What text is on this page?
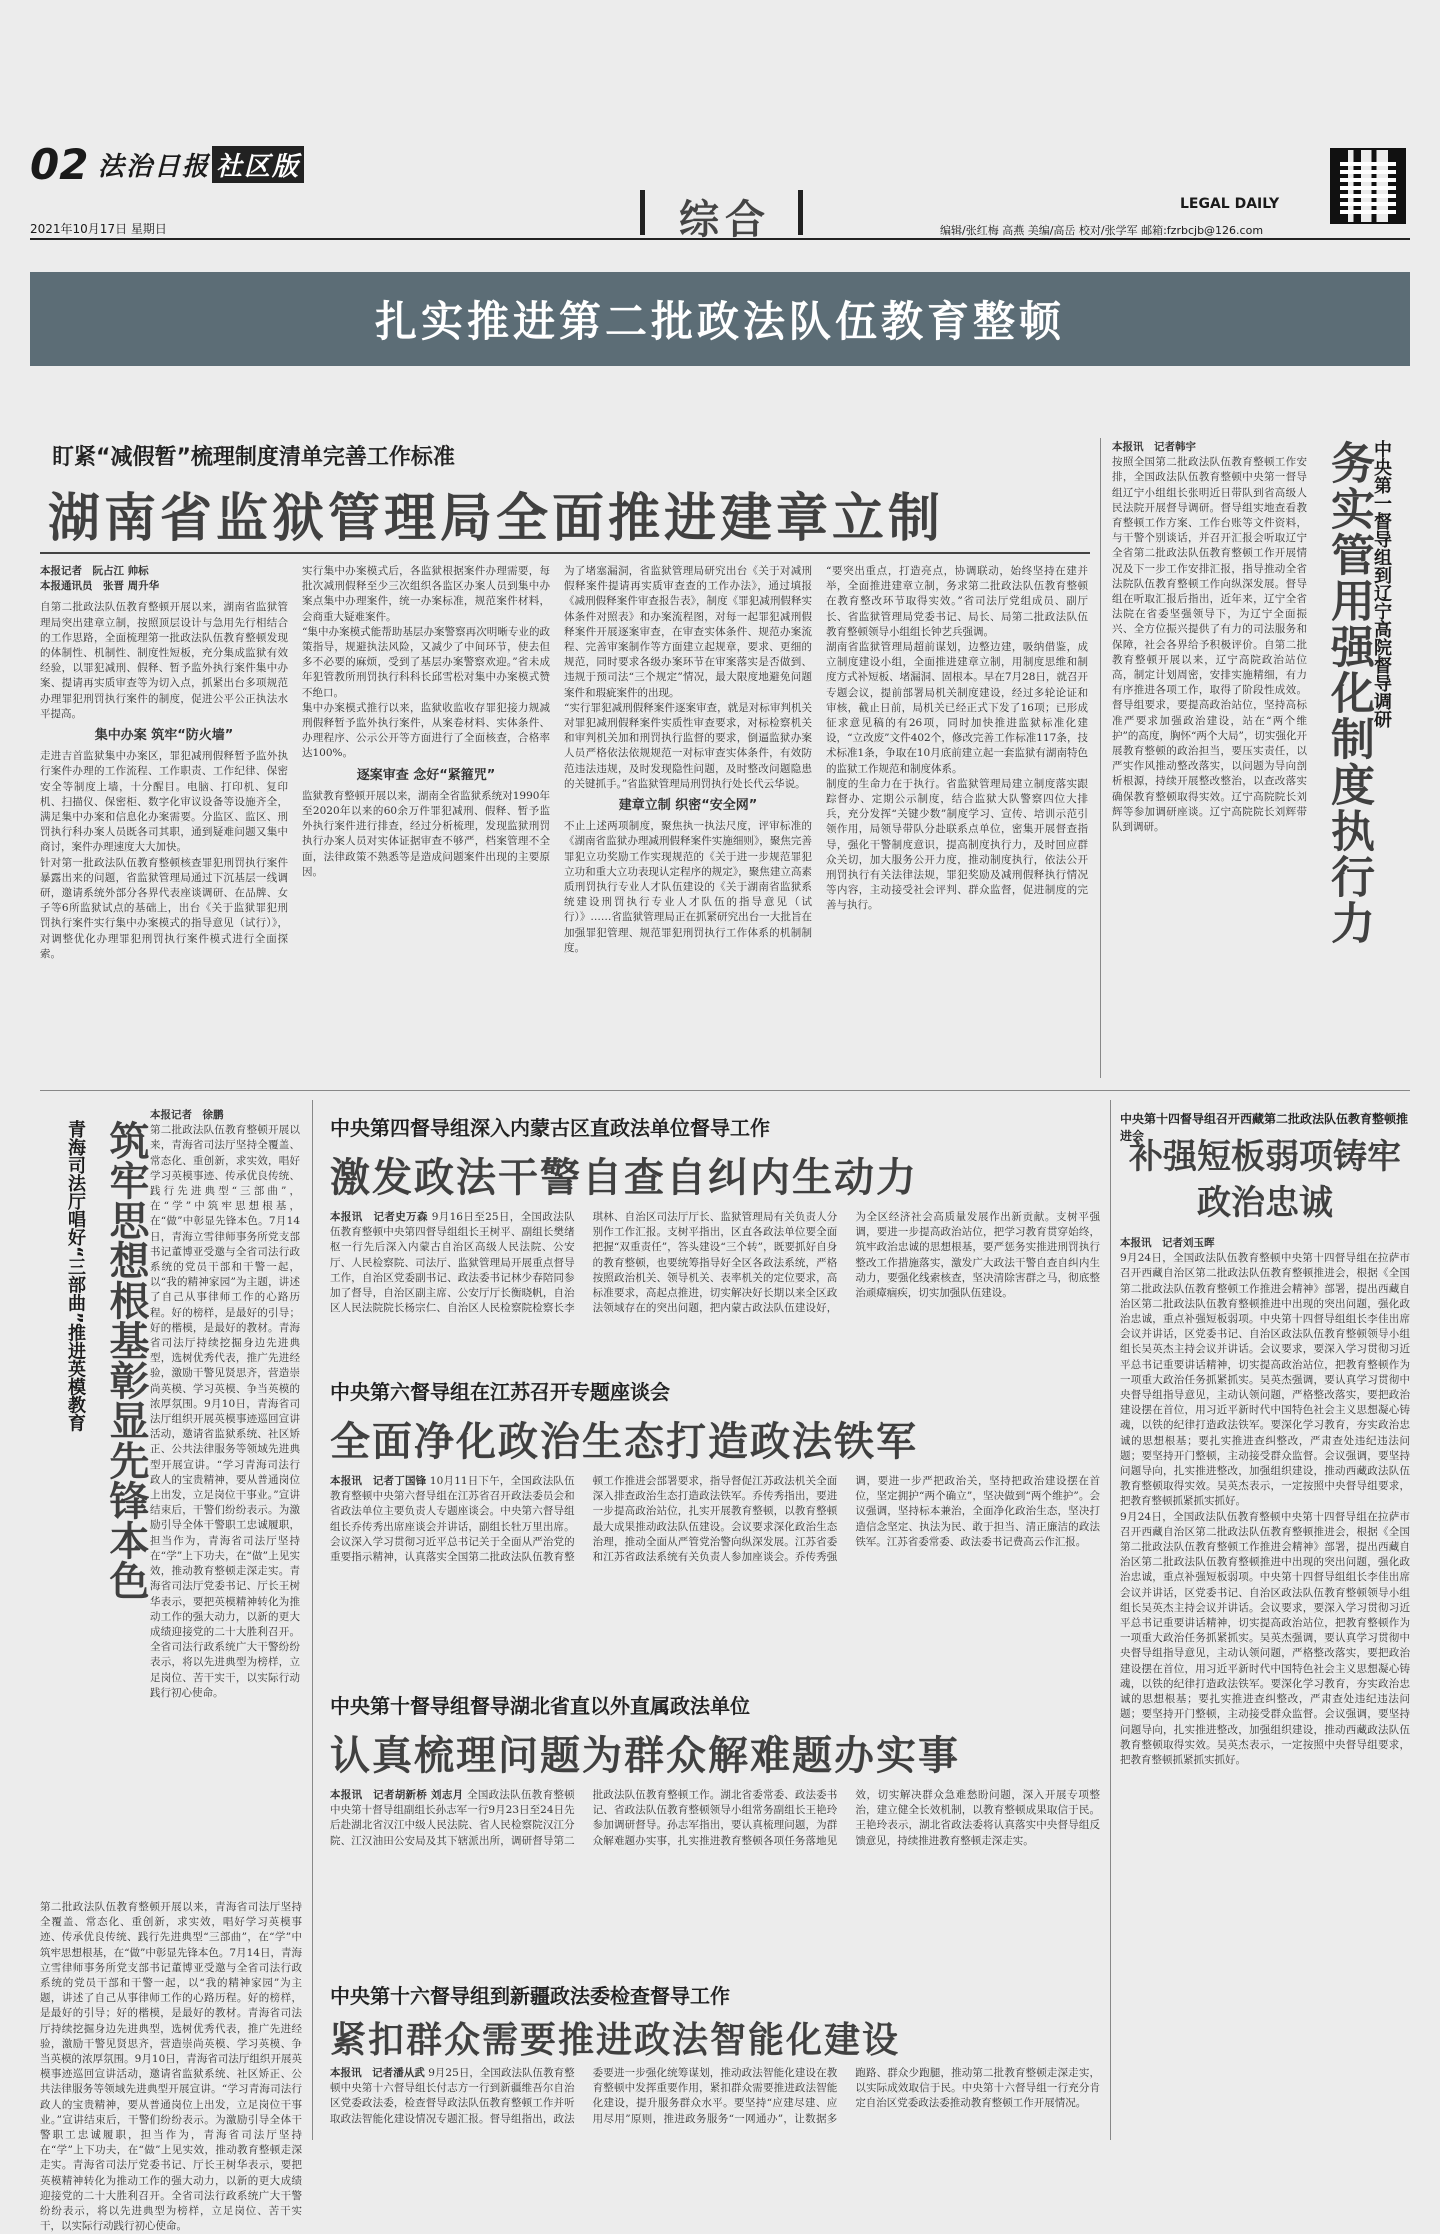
02 法治日报 社区版
2021年10月17日 星期日	综合	LEGAL DAILY
编辑/张红梅 高燕 美编/高岳 校对/张学军 邮箱:fzrbcjb@126.com
扎实推进第二批政法队伍教育整顿
盯紧“减假暂”梳理制度清单完善工作标准
湖南省监狱管理局全面推进建章立制
本报记者　阮占江 帅标
本报通讯员　张晋 周升华

自第二批政法队伍教育整顿开展以来，湖南省监狱管理局突出建章立制，按照顶层设计与急用先行相结合的工作思路，全面梳理第一批政法队伍教育整顿发现的体制性、机制性、制度性短板，充分集成监狱有效经验，以罪犯减刑、假释、暂予监外执行案件集中办案、提请再实质审查等为切入点，抓紧出台多项规范办理罪犯刑罚执行案件的制度，促进公平公正执法水平提高。

集中办案 筑牢“防火墙”

走进吉首监狱集中办案区，罪犯减刑假释暂予监外执行案件办理的工作流程、工作职责、工作纪律、保密安全等制度上墙，十分醒目。电脑、打印机、复印机、扫描仪、保密柜、数字化审议设备等设施齐全，满足集中办案和信息化办案需要。分监区、监区、刑罚执行科办案人员既各司其职，通到疑难问题又集中商讨，案件办理速度大大加快。

针对第一批政法队伍教育整顿核查罪犯刑罚执行案件暴露出来的问题，省监狱管理局通过下沉基层一线调研，邀请系统外部分各界代表座谈调研、在品牌、女子等6所监狱试点的基础上，出台《关于监狱罪犯刑罚执行案件实行集中办案模式的指导意见（试行）》，对调整优化办理罪犯刑罚执行案件模式进行全面探索。

实行集中办案模式后，各监狱根据案件办理需要，每批次减刑假释至少三次组织各监区办案人员到集中办案点集中办理案件，统一办案标准，规范案件材料，会商重大疑难案件。

“集中办案模式能帮助基层办案警察再次明晰专业的政策指导，规避执法风险，又减少了中间环节，使去但多不必要的麻烦，受到了基层办案警察欢迎。”省未成年犯管教所刑罚执行科科长邱雪松对集中办案模式赞不绝口。

集中办案模式推行以来，监狱收监收存罪犯接力规减刑假释暂予监外执行案件，从案卷材料、实体条件、办理程序、公示公开等方面进行了全面核查，合格率达100%。

逐案审查 念好“紧箍咒”

监狱教育整顿开展以来，湖南全省监狱系统对1990年至2020年以来的60余万件罪犯减刑、假释、暂予监外执行案件进行排查，经过分析梳理，发现监狱刑罚执行办案人员对实体证据审查不够严，档案管理不全面，法律政策不熟悉等是造成问题案件出现的主要原因。

为了堵塞漏洞，省监狱管理局研究出台《关于对减刑假释案件提请再实质审查查的工作办法》，通过填报《减刑假释案件审查报告表》，制度《罪犯减刑假释实体条件对照表》和办案流程图，对每一起罪犯减刑假释案件开展逐案审查，在审查实体条件、规范办案流程、完善审案制作等方面建立起规章，要求、更细的规范，同时要求各级办案环节在审案落实是否做到、违规于预司法“三个规定”情况，最大限度地避免问题案件和瑕疵案件的出现。

“实行罪犯减刑假释案件逐案审查，就是对标审判机关对罪犯减刑假释案件实质性审查要求，对标检察机关和审判机关加和刑罚执行监督的要求，倒逼监狱办案人员严格依法依规规范一对标审查实体条件，有效防范违法违规，及时发现隐性问题，及时整改问题隐患的关键抓手。”省监狱管理局刑罚执行处长代云华说。

建章立制 织密“安全网”

不止上述两项制度，聚焦执一执法尺度，评审标准的《湖南省监狱办理减刑假释案件实施细则》，聚焦完善罪犯立功奖励工作实现规范的《关于进一步规范罪犯立功和重大立功表现认定程序的规定》，聚焦建立高素质刑罚执行专业人才队伍建设的《关于湖南省监狱系统建设刑罚执行专业人才队伍的指导意见（试行）》……省监狱管理局正在抓紧研究出台一大批旨在加强罪犯管理、规范罪犯刑罚执行工作体系的机制制度。

“要突出重点，打造亮点，协调联动，始终坚持在建并举，全面推进建章立制，务求第二批政法队伍教育整顿在教育整改环节取得实效。”省司法厅党组成员、副厅长、省监狱管理局党委书记、局长、局第二批政法队伍教育整顿领导小组组长钟艺兵强调。

湖南省监狱管理局超前谋划，边整边建，吸纳借鉴，成立制度建设小组，全面推进建章立制，用制度思维和制度方式补短板、堵漏洞、固根本。早在7月28日，就召开专题会议，提前部署局机关制度建设，经过多轮论证和审核，截止日前，局机关已经正式下发了16项；已形成征求意见稿的有26项，同时加快推进监狱标准化建设，“立改废”文件402个，修改完善工作标准117条，技术标准1条，争取在10月底前建立起一套监狱有湖南特色的监狱工作规范和制度体系。

制度的生命力在于执行。省监狱管理局建立制度落实跟踪督办、定期公示制度，结合监狱大队警察四位大排兵，充分发挥“关键少数”制度学习、宣传、培训示范引领作用，局领导带队分赴联系点单位，密集开展督查指导，强化干警制度意识，提高制度执行力，及时回应群众关切，加大服务公开力度，推动制度执行，依法公开刑罚执行有关法律法规，罪犯奖励及减刑假释执行情况等内容，主动接受社会评判、群众监督，促进制度的完善与执行。

本报讯　记者韩宇

按照全国第二批政法队伍教育整顿工作安排，全国政法队伍教育整顿中央第一督导组辽宁小组组长张明近日带队到省高级人民法院开展督导调研。督导组实地查看教育整顿工作方案、工作台账等文件资料，与干警个别谈话，并召开汇报会听取辽宁全省第二批政法队伍教育整顿工作开展情况及下一步工作安排汇报，指导推动全省法院队伍教育整顿工作向纵深发展。督导组在听取汇报后指出，近年来，辽宁全省法院在省委坚强领导下，为辽宁全面振兴、全方位振兴提供了有力的司法服务和保障，社会各界给予积极评价。自第二批教育整顿开展以来，辽宁高院政治站位高，制定计划周密，安排实施精细，有力有序推进各项工作，取得了阶段性成效。督导组要求，要提高政治站位，坚持高标准严要求加强政治建设，站在“两个维护”的高度，胸怀“两个大局”，切实强化开展教育整顿的政治担当，要压实责任，以严实作风推动整改落实，以问题为导向剖析根源，持续开展整改整治，以查改落实确保教育整顿取得实效。辽宁高院院长刘辉等参加调研座谈。辽宁高院院长刘辉带队到调研。

中央第一督导组到辽宁高院督导调研
务实管用强化制度执行力
青海司法厅唱好“三部曲”推进英模教育 筑牢思想根基彰显先锋本色
本报记者　徐鹏

第二批政法队伍教育整顿开展以来，青海省司法厅坚持全覆盖、常态化、重创新，求实效，唱好学习英模事迹、传承优良传统、践行先进典型“三部曲”，在“学”中筑牢思想根基，在“做”中彰显先锋本色。7月14日，青海立雪律师事务所党支部书记董博亚受邀与全省司法行政系统的党员干部和干警一起，以“我的精神家园”为主题，讲述了自己从事律师工作的心路历程。好的榜样，是最好的引导；好的楷模，是最好的教材。青海省司法厅持续挖掘身边先进典型，选树优秀代表，推广先进经验，激励干警见贤思齐，营造崇尚英模、学习英模、争当英模的浓厚氛围。9月10日，青海省司法厅组织开展英模事迹巡回宣讲活动，邀请省监狱系统、社区矫正、公共法律服务等领域先进典型开展宣讲。“学习青海司法行政人的宝贵精神，要从普通岗位上出发，立足岗位干事业。”宣讲结束后，干警们纷纷表示。为激励引导全体干警职工忠诚履职，担当作为，青海省司法厅坚持在“学”上下功夫，在“做”上见实效，推动教育整顿走深走实。青海省司法厅党委书记、厅长王树华表示，要把英模精神转化为推动工作的强大动力，以新的更大成绩迎接党的二十大胜利召开。全省司法行政系统广大干警纷纷表示，将以先进典型为榜样，立足岗位、苦干实干，以实际行动践行初心使命。

第二批政法队伍教育整顿开展以来，青海省司法厅坚持全覆盖、常态化、重创新，求实效，唱好学习英模事迹、传承优良传统、践行先进典型“三部曲”，在“学”中筑牢思想根基，在“做”中彰显先锋本色。7月14日，青海立雪律师事务所党支部书记董博亚受邀与全省司法行政系统的党员干部和干警一起，以“我的精神家园”为主题，讲述了自己从事律师工作的心路历程。好的榜样，是最好的引导；好的楷模，是最好的教材。青海省司法厅持续挖掘身边先进典型，选树优秀代表，推广先进经验，激励干警见贤思齐，营造崇尚英模、学习英模、争当英模的浓厚氛围。9月10日，青海省司法厅组织开展英模事迹巡回宣讲活动，邀请省监狱系统、社区矫正、公共法律服务等领域先进典型开展宣讲。“学习青海司法行政人的宝贵精神，要从普通岗位上出发，立足岗位干事业。”宣讲结束后，干警们纷纷表示。为激励引导全体干警职工忠诚履职，担当作为，青海省司法厅坚持在“学”上下功夫，在“做”上见实效，推动教育整顿走深走实。青海省司法厅党委书记、厅长王树华表示，要把英模精神转化为推动工作的强大动力，以新的更大成绩迎接党的二十大胜利召开。全省司法行政系统广大干警纷纷表示，将以先进典型为榜样，立足岗位、苦干实干，以实际行动践行初心使命。

中央第四督导组深入内蒙古区直政法单位督导工作
激发政法干警自查自纠内生动力
本报讯　记者史万森 9月16日至25日，全国政法队伍教育整顿中央第四督导组组长王树平、副组长樊绪枢一行先后深入内蒙古自治区高级人民法院、公安厅、人民检察院、司法厅、监狱管理局开展重点督导工作，自治区党委副书记、政法委书记林少春陪同参加了督导，自治区副主席、公安厅厅长衡晓帆，自治区人民法院院长杨宗仁、自治区人民检察院检察长李琪林、自治区司法厅厅长、监狱管理局有关负责人分别作工作汇报。支树平指出，区直各政法单位要全面把握“双重责任”，答头建设“三个转”，既要抓好自身的教育整顿，也要统筹指导好全区各政法系统，严格按照政治机关、领导机关、表率机关的定位要求，高标准要求，高起点推进，切实解决好长期以来全区政法领域存在的突出问题，把内蒙古政法队伍建设好，为全区经济社会高质量发展作出新贡献。支树平强调，要进一步提高政治站位，把学习教育贯穿始终，筑牢政治忠诚的思想根基，要严惩务实推进刑罚执行整改工作措施落实，激发广大政法干警自查自纠内生动力，要强化线索核查，坚决清除害群之马，彻底整治顽瘴痼疾，切实加强队伍建设。
中央第六督导组在江苏召开专题座谈会
全面净化政治生态打造政法铁军
本报讯　记者丁国锋 10月11日下午，全国政法队伍教育整顿中央第六督导组在江苏省召开政法委员会和省政法单位主要负责人专题座谈会。中央第六督导组组长乔传秀出席座谈会并讲话，副组长牡万里出席。会议深入学习贯彻习近平总书记关于全面从严治党的重要指示精神，认真落实全国第二批政法队伍教育整顿工作推进会部署要求，指导督促江苏政法机关全面深入排查政治生态打造政法铁军。乔传秀指出，要进一步提高政治站位，扎实开展教育整顿，以教育整顿最大成果推动政法队伍建设。会议要求深化政治生态治理，推动全面从严管党治警向纵深发展。江苏省委和江苏省政法系统有关负责人参加座谈会。乔传秀强调，要进一步严把政治关，坚持把政治建设摆在首位，坚定拥护“两个确立”，坚决做到“两个维护”。会议强调，坚持标本兼治，全面净化政治生态，坚决打造信念坚定、执法为民、敢于担当、清正廉洁的政法铁军。江苏省委常委、政法委书记费高云作汇报。
中央第十督导组督导湖北省直以外直属政法单位
认真梳理问题为群众解难题办实事
本报讯　记者胡新桥 刘志月 全国政法队伍教育整顿中央第十督导组副组长孙志军一行9月23日至24日先后赴湖北省汉江中级人民法院、省人民检察院汉江分院、江汉油田公安局及其下辖派出所，调研督导第二批政法队伍教育整顿工作。湖北省委常委、政法委书记、省政法队伍教育整顿领导小组常务副组长王艳玲参加调研督导。孙志军指出，要认真梳理问题，为群众解难题办实事，扎实推进教育整顿各项任务落地见效，切实解决群众急难愁盼问题，深入开展专项整治，建立健全长效机制，以教育整顿成果取信于民。王艳玲表示，湖北省政法委将认真落实中央督导组反馈意见，持续推进教育整顿走深走实。
中央第十六督导组到新疆政法委检查督导工作
紧扣群众需要推进政法智能化建设
本报讯　记者潘从武 9月25日，全国政法队伍教育整顿中央第十六督导组长付志方一行到新疆维吾尔自治区党委政法委，检查督导政法队伍教育整顿工作并听取政法智能化建设情况专题汇报。督导组指出，政法委要进一步强化统筹谋划，推动政法智能化建设在教育整顿中发挥重要作用，紧扣群众需要推进政法智能化建设，提升服务群众水平。要坚持“应建尽建、应用尽用”原则，推进政务服务“一网通办”，让数据多跑路、群众少跑腿，推动第二批教育整顿走深走实，以实际成效取信于民。中央第十六督导组一行充分肯定自治区党委政法委推动教育整顿工作开展情况。
中央第十四督导组召开西藏第二批政法队伍教育整顿推进会
补强短板弱项铸牢政治忠诚
本报讯　记者刘玉晖

9月24日，全国政法队伍教育整顿中央第十四督导组在拉萨市召开西藏自治区第二批政法队伍教育整顿推进会，根据《全国第二批政法队伍教育整顿工作推进会精神》部署，提出西藏自治区第二批政法队伍教育整顿推进中出现的突出问题，强化政治忠诚，重点补强短板弱项。中央第十四督导组组长李佳出席会议并讲话，区党委书记、自治区政法队伍教育整顿领导小组组长吴英杰主持会议并讲话。会议要求，要深入学习贯彻习近平总书记重要讲话精神，切实提高政治站位，把教育整顿作为一项重大政治任务抓紧抓实。吴英杰强调，要认真学习贯彻中央督导组指导意见，主动认领问题，严格整改落实，要把政治建设摆在首位，用习近平新时代中国特色社会主义思想凝心铸魂，以铁的纪律打造政法铁军。要深化学习教育，夯实政治忠诚的思想根基；要扎实推进查纠整改，严肃查处违纪违法问题；要坚持开门整顿，主动接受群众监督。会议强调，要坚持问题导向，扎实推进整改，加强组织建设，推动西藏政法队伍教育整顿取得实效。吴英杰表示，一定按照中央督导组要求，把教育整顿抓紧抓实抓好。

9月24日，全国政法队伍教育整顿中央第十四督导组在拉萨市召开西藏自治区第二批政法队伍教育整顿推进会，根据《全国第二批政法队伍教育整顿工作推进会精神》部署，提出西藏自治区第二批政法队伍教育整顿推进中出现的突出问题，强化政治忠诚，重点补强短板弱项。中央第十四督导组组长李佳出席会议并讲话，区党委书记、自治区政法队伍教育整顿领导小组组长吴英杰主持会议并讲话。会议要求，要深入学习贯彻习近平总书记重要讲话精神，切实提高政治站位，把教育整顿作为一项重大政治任务抓紧抓实。吴英杰强调，要认真学习贯彻中央督导组指导意见，主动认领问题，严格整改落实，要把政治建设摆在首位，用习近平新时代中国特色社会主义思想凝心铸魂，以铁的纪律打造政法铁军。要深化学习教育，夯实政治忠诚的思想根基；要扎实推进查纠整改，严肃查处违纪违法问题；要坚持开门整顿，主动接受群众监督。会议强调，要坚持问题导向，扎实推进整改，加强组织建设，推动西藏政法队伍教育整顿取得实效。吴英杰表示，一定按照中央督导组要求，把教育整顿抓紧抓实抓好。
